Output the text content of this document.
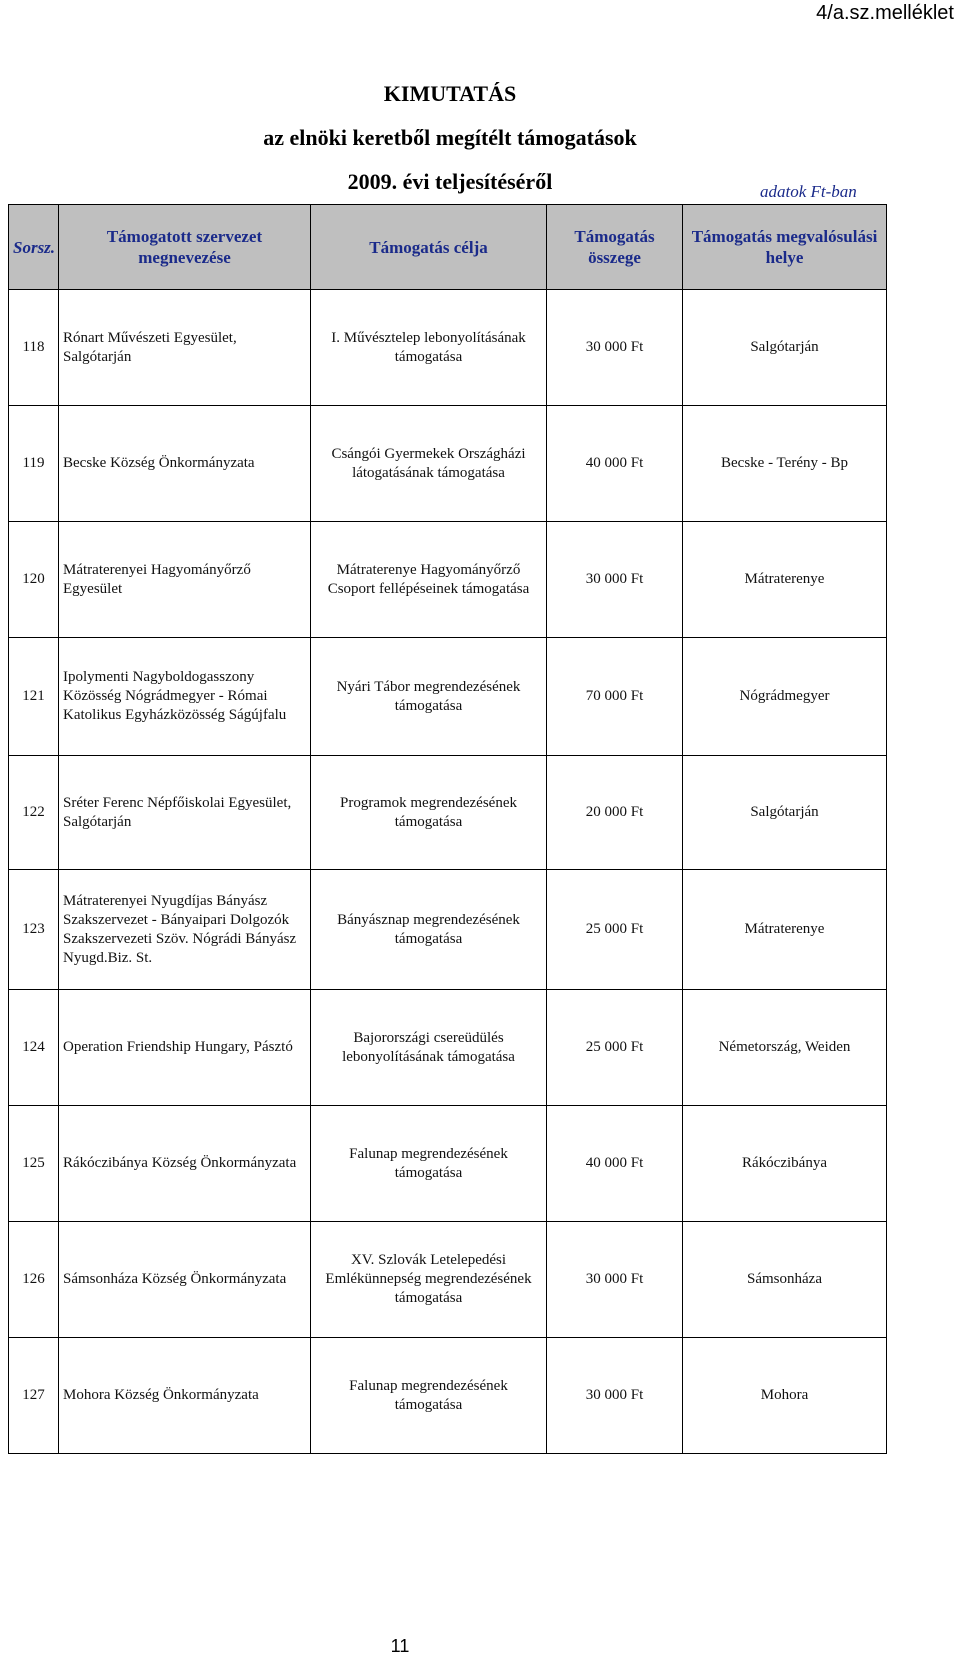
4/a.sz.melléklet
KIMUTATÁS
az elnöki keretből megítélt támogatások
2009. évi teljesítéséről	adatok Ft-ban
Sorsz.	Támogatott szervezet megnevezése	Támogatás célja	Támogatás összege	Támogatás megvalósulási helye
118	Rónart Művészeti Egyesület, Salgótarján	I. Művésztelep lebonyolításának támogatása	30 000 Ft	Salgótarján
119	Becske Község Önkormányzata	Csángói Gyermekek Országházi látogatásának támogatása	40 000 Ft	Becske - Terény - Bp
120	Mátraterenyei Hagyományőrző Egyesület	Mátraterenye Hagyományőrző Csoport fellépéseinek támogatása	30 000 Ft	Mátraterenye
121	Ipolymenti Nagyboldogasszony Közösség Nógrádmegyer - Római Katolikus Egyházközösség Ságújfalu	Nyári Tábor megrendezésének támogatása	70 000 Ft	Nógrádmegyer
122	Sréter Ferenc Népfőiskolai Egyesület, Salgótarján	Programok megrendezésének támogatása	20 000 Ft	Salgótarján
123	Mátraterenyei Nyugdíjas Bányász Szakszervezet - Bányaipari Dolgozók Szakszervezeti Szöv. Nógrádi Bányász Nyugd.Biz. St.	Bányásznap megrendezésének támogatása	25 000 Ft	Mátraterenye
124	Operation Friendship Hungary, Pásztó	Bajorországi csereüdülés lebonyolításának támogatása	25 000 Ft	Németország, Weiden
125	Rákóczibánya Község Önkormányzata	Falunap megrendezésének támogatása	40 000 Ft	Rákóczibánya
126	Sámsonháza Község Önkormányzata	XV. Szlovák Letelepedési Emlékünnepség megrendezésének támogatása	30 000 Ft	Sámsonháza
127	Mohora Község Önkormányzata	Falunap megrendezésének támogatása	30 000 Ft	Mohora
11
